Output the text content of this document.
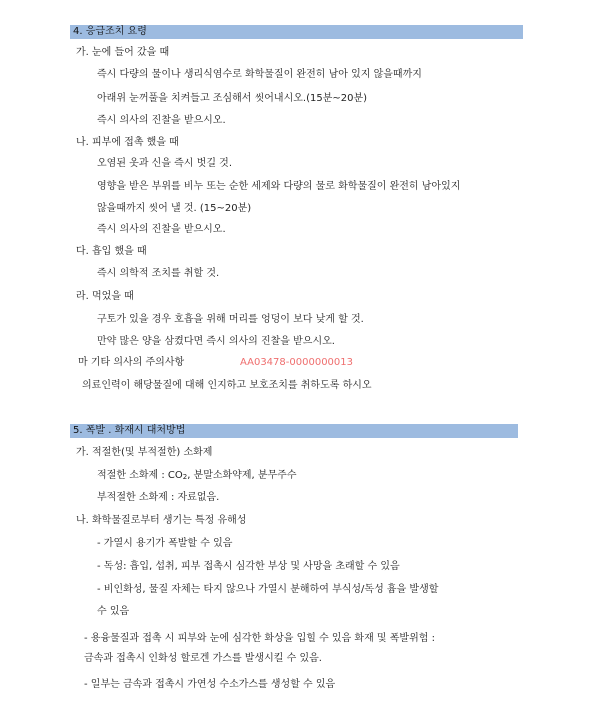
4. 응급조치 요령
가. 눈에 들어 갔을 때
즉시 다량의 물이나 생리식염수로 화학물질이 완전히 남아 있지 않을때까지
아래위 눈꺼풀을 치켜들고 조심해서 씻어내시오.(15분~20분)
즉시 의사의 진찰을 받으시오.
나. 피부에 접촉 했을 때
오염된 옷과 신을 즉시 벗길 것.
영향을 받은 부위를 비누 또는 순한 세제와 다량의 물로 화학물질이 완전히 남아있지
않을때까지 씻어 낼 것. (15~20분)
즉시 의사의 진찰을 받으시오.
다. 흡입 했을 때
즉시 의학적 조치를 취할 것.
라. 먹었을 때
구토가 있을 경우 호흡을 위해 머리를 엉덩이 보다 낮게 할 것.
만약 많은 양을 삼켰다면 즉시 의사의 진찰을 받으시오.
마 기타 의사의 주의사항	AA03478-0000000013
의료인력이 해당물질에 대해 인지하고 보호조치를 취하도록 하시오
5. 폭발 . 화재시 대처방법
가. 적절한(및 부적절한) 소화제
적절한 소화제 : $CO_2$, 분말소화약제, 분무주수
부적절한 소화제 : 자료없음.
나. 화학물질로부터 생기는 특정 유해성
- 가열시 용기가 폭발할 수 있음
- 독성: 흡입, 섭취, 피부 접촉시 심각한 부상 및 사망을 초래할 수 있음
- 비인화성, 물질 자체는 타지 않으나 가열시 분해하여 부식성/독성 흄을 발생할
수 있음
- 용융물질과 접촉 시 피부와 눈에 심각한 화상을 입힐 수 있음 화재 및 폭발위험 :
금속과 접촉시 인화성 할로겐 가스를 발생시킬 수 있음.
- 일부는 금속과 접촉시 가연성 수소가스를 생성할 수 있음
